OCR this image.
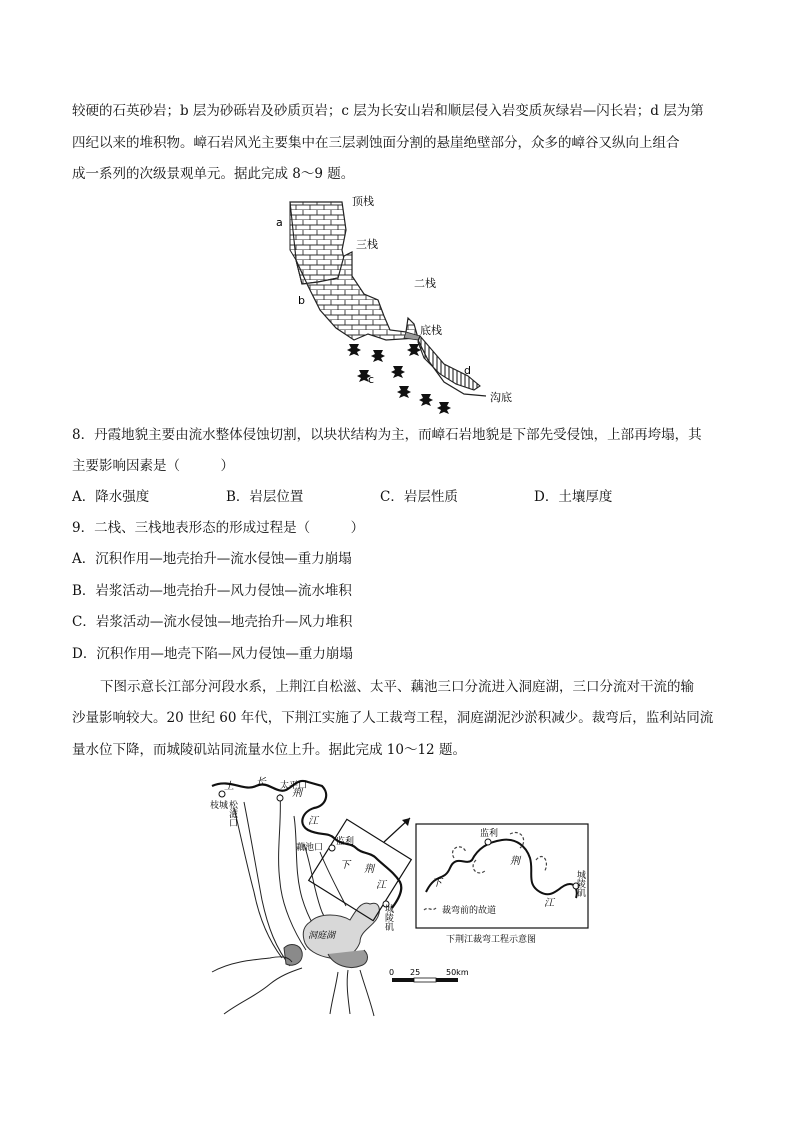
较硬的石英砂岩；b 层为砂砾岩及砂质页岩；c 层为长安山岩和顺层侵入岩变质灰绿岩—闪长岩；d 层为第
四纪以来的堆积物。嶂石岩风光主要集中在三层剥蚀面分割的悬崖绝壁部分，众多的嶂谷又纵向上组合
成一系列的次级景观单元。据此完成 8～9 题。
顶栈
a
三栈
二栈
b
底栈
c
d
沟底
8．丹霞地貌主要由流水整体侵蚀切割，以块状结构为主，而嶂石岩地貌是下部先受侵蚀，上部再垮塌，其
主要影响因素是（　　　）
A．降水强度	B．岩层位置	C．岩层性质	D．土壤厚度
9．二栈、三栈地表形态的形成过程是（　　　）
A．沉积作用—地壳抬升—流水侵蚀—重力崩塌
B．岩浆活动—地壳抬升—风力侵蚀—流水堆积
C．岩浆活动—流水侵蚀—地壳抬升—风力堆积
D．沉积作用—地壳下陷—风力侵蚀—重力崩塌
下图示意长江部分河段水系，上荆江自松滋、太平、藕池三口分流进入洞庭湖，三口分流对干流的输
沙量影响较大。20 世纪 60 年代，下荆江实施了人工裁弯工程，洞庭湖泥沙淤积减少。裁弯后，监利站同流
量水位下降，而城陵矶站同流量水位上升。据此完成 10～12 题。
上 长
荆
江
枝城
松滋口
太平口
藕池口
监利
下 荆
江
城陵矶
洞庭湖
0 25	50km
监利
荆
下
江
城陵矶
裁弯前的故道
下荆江裁弯工程示意图
